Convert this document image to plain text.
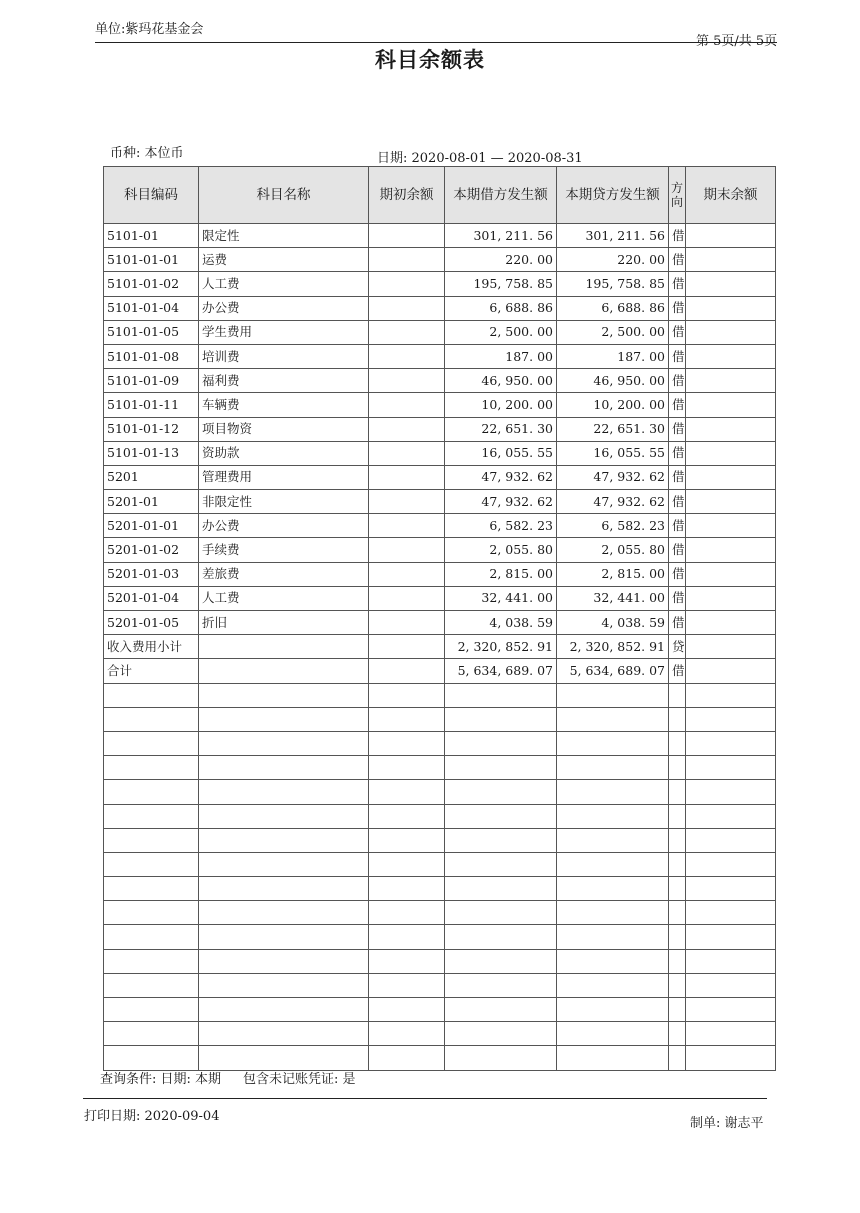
单位:紫玛花基金会
第 5页/共 5页
科目余额表
币种: 本位币	日期: 2020-08-01 — 2020-08-31
科目编码	科目名称	期初余额	本期借方发生额	本期贷方发生额	方向	期末余额
5101-01	限定性		301, 211. 56	301, 211. 56	借	
5101-01-01	运费		220. 00	220. 00	借	
5101-01-02	人工费		195, 758. 85	195, 758. 85	借	
5101-01-04	办公费		6, 688. 86	6, 688. 86	借	
5101-01-05	学生费用		2, 500. 00	2, 500. 00	借	
5101-01-08	培训费		187. 00	187. 00	借	
5101-01-09	福利费		46, 950. 00	46, 950. 00	借	
5101-01-11	车辆费		10, 200. 00	10, 200. 00	借	
5101-01-12	项目物资		22, 651. 30	22, 651. 30	借	
5101-01-13	资助款		16, 055. 55	16, 055. 55	借	
5201	管理费用		47, 932. 62	47, 932. 62	借	
5201-01	非限定性		47, 932. 62	47, 932. 62	借	
5201-01-01	办公费		6, 582. 23	6, 582. 23	借	
5201-01-02	手续费		2, 055. 80	2, 055. 80	借	
5201-01-03	差旅费		2, 815. 00	2, 815. 00	借	
5201-01-04	人工费		32, 441. 00	32, 441. 00	借	
5201-01-05	折旧		4, 038. 59	4, 038. 59	借	
收入费用小计			2, 320, 852. 91	2, 320, 852. 91	贷	
合计			5, 634, 689. 07	5, 634, 689. 07	借	

查询条件: 日期: 本期 包含未记账凭证: 是
打印日期: 2020-09-04	制单: 谢志平
